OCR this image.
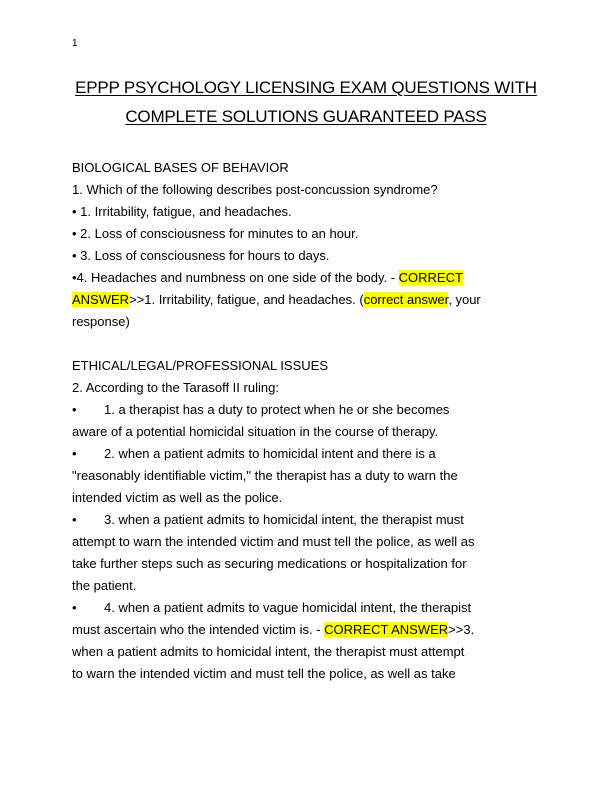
1
EPPP PSYCHOLOGY LICENSING EXAM QUESTIONS WITH
COMPLETE SOLUTIONS GUARANTEED PASS
BIOLOGICAL BASES OF BEHAVIOR
1. Which of the following describes post-concussion syndrome?
• 1. Irritability, fatigue, and headaches.
• 2. Loss of consciousness for minutes to an hour.
• 3. Loss of consciousness for hours to days.
•4. Headaches and numbness on one side of the body. - CORRECT
ANSWER>>1. Irritability, fatigue, and headaches. (correct answer, your
response)
ETHICAL/LEGAL/PROFESSIONAL ISSUES
2. According to the Tarasoff II ruling:
• 1. a therapist has a duty to protect when he or she becomes
aware of a potential homicidal situation in the course of therapy.
• 2. when a patient admits to homicidal intent and there is a
"reasonably identifiable victim," the therapist has a duty to warn the
intended victim as well as the police.
• 3. when a patient admits to homicidal intent, the therapist must
attempt to warn the intended victim and must tell the police, as well as
take further steps such as securing medications or hospitalization for
the patient.
• 4. when a patient admits to vague homicidal intent, the therapist
must ascertain who the intended victim is. - CORRECT ANSWER>>3.
when a patient admits to homicidal intent, the therapist must attempt
to warn the intended victim and must tell the police, as well as take
